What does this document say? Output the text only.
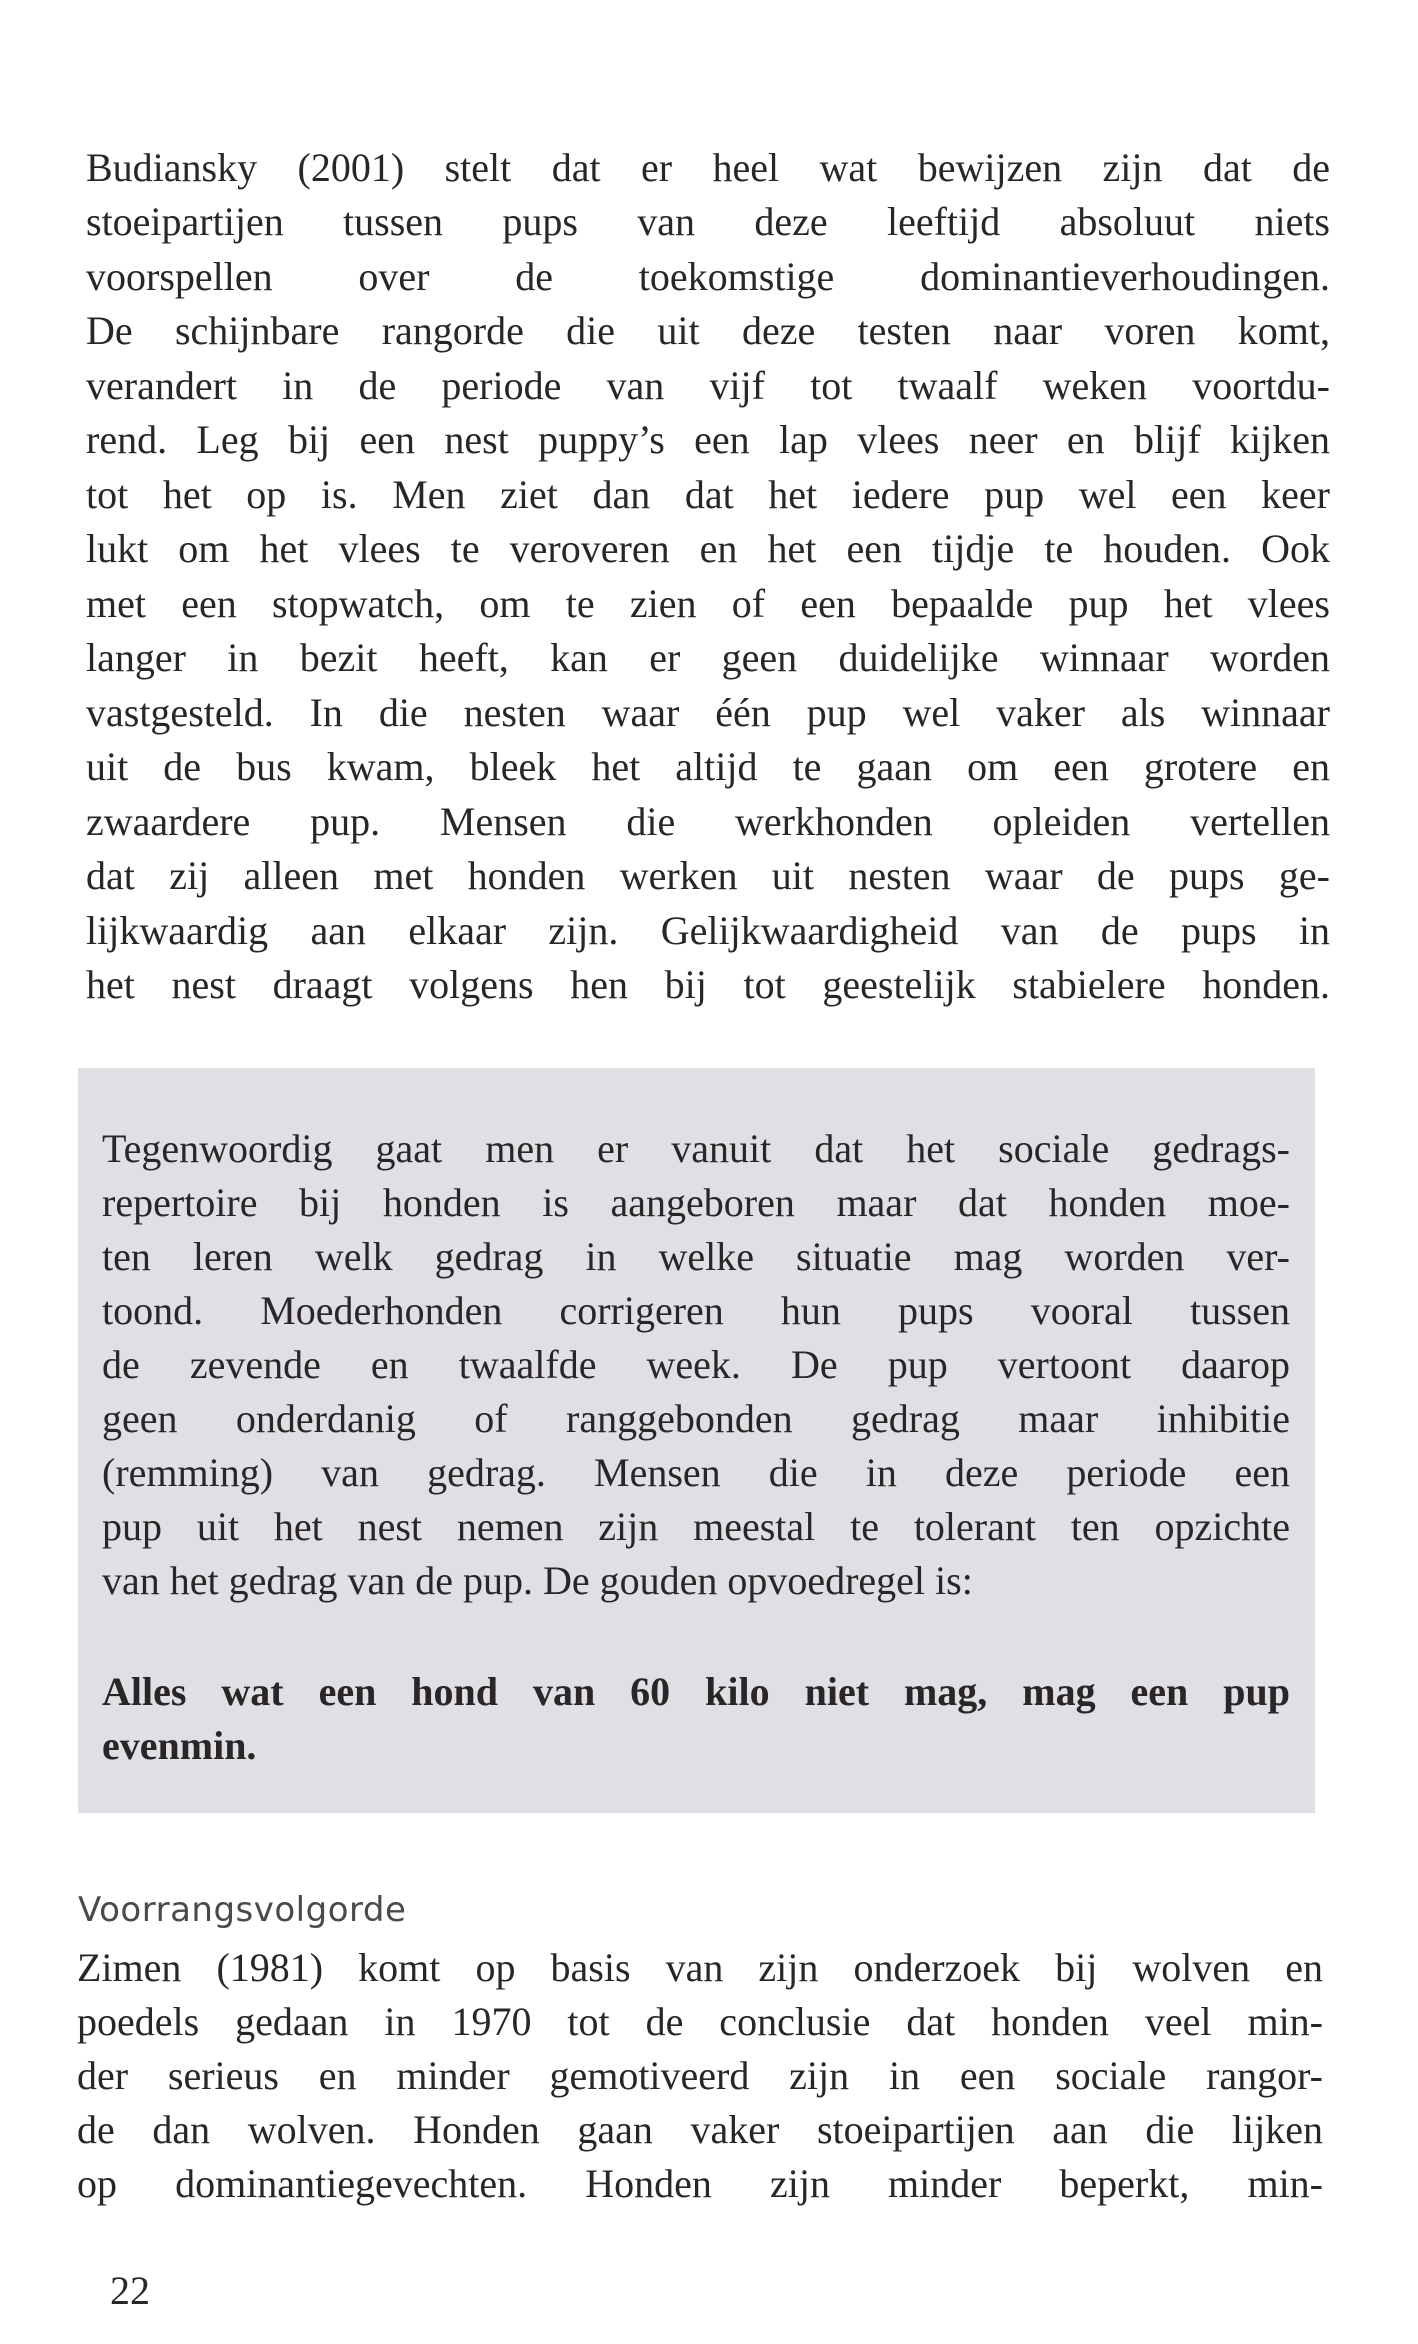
Budiansky (2001) stelt dat er heel wat bewijzen zijn dat de
stoeipartijen tussen pups van deze leeftijd absoluut niets
voorspellen over de toekomstige dominantieverhoudingen.
De schijnbare rangorde die uit deze testen naar voren komt,
verandert in de periode van vijf tot twaalf weken voortdu-
rend. Leg bij een nest puppy’s een lap vlees neer en blijf kijken
tot het op is. Men ziet dan dat het iedere pup wel een keer
lukt om het vlees te veroveren en het een tijdje te houden. Ook
met een stopwatch, om te zien of een bepaalde pup het vlees
langer in bezit heeft, kan er geen duidelijke winnaar worden
vastgesteld. In die nesten waar één pup wel vaker als winnaar
uit de bus kwam, bleek het altijd te gaan om een grotere en
zwaardere pup. Mensen die werkhonden opleiden vertellen
dat zij alleen met honden werken uit nesten waar de pups ge-
lijkwaardig aan elkaar zijn. Gelijkwaardigheid van de pups in
het nest draagt volgens hen bij tot geestelijk stabielere honden.
Tegenwoordig gaat men er vanuit dat het sociale gedrags-
repertoire bij honden is aangeboren maar dat honden moe-
ten leren welk gedrag in welke situatie mag worden ver-
toond. Moederhonden corrigeren hun pups vooral tussen
de zevende en twaalfde week. De pup vertoont daarop
geen onderdanig of ranggebonden gedrag maar inhibitie
(remming) van gedrag. Mensen die in deze periode een
pup uit het nest nemen zijn meestal te tolerant ten opzichte
van het gedrag van de pup. De gouden opvoedregel is:
Alles wat een hond van 60 kilo niet mag, mag een pup
evenmin.
Voorrangsvolgorde
Zimen (1981) komt op basis van zijn onderzoek bij wolven en
poedels gedaan in 1970 tot de conclusie dat honden veel min-
der serieus en minder gemotiveerd zijn in een sociale rangor-
de dan wolven. Honden gaan vaker stoeipartijen aan die lijken
op dominantiegevechten. Honden zijn minder beperkt, min-
22
